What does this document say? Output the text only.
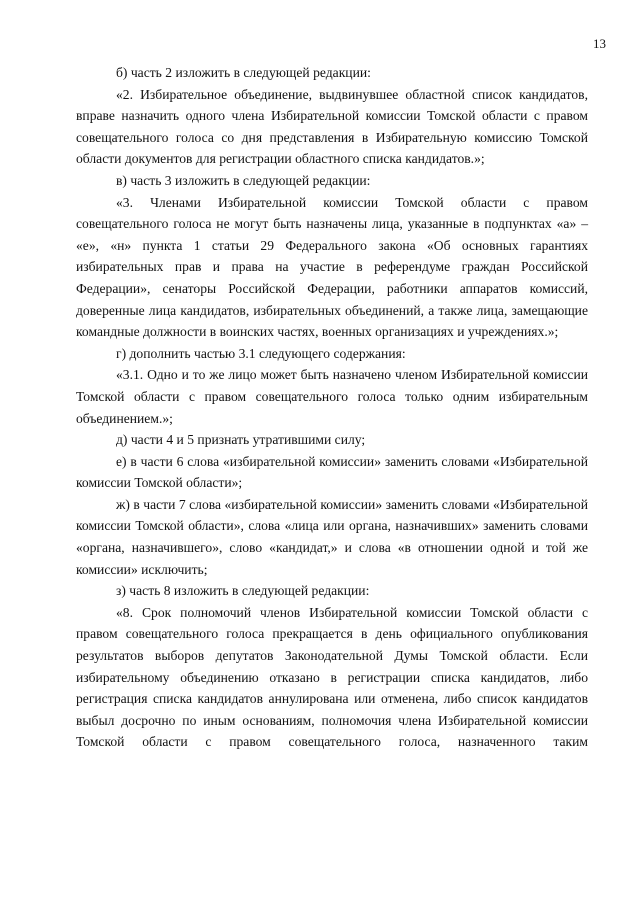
13

б) часть 2 изложить в следующей редакции:

«2. Избирательное объединение, выдвинувшее областной список кандидатов, вправе назначить одного члена Избирательной комиссии Томской области с правом совещательного голоса со дня представления в Избирательную комиссию Томской области документов для регистрации областного списка кандидатов.»;

в) часть 3 изложить в следующей редакции:

«3. Членами Избирательной комиссии Томской области с правом совещательного голоса не могут быть назначены лица, указанные в подпунктах «а» – «е», «н» пункта 1 статьи 29 Федерального закона «Об основных гарантиях избирательных прав и права на участие в референдуме граждан Российской Федерации», сенаторы Российской Федерации, работники аппаратов комиссий, доверенные лица кандидатов, избирательных объединений, а также лица, замещающие командные должности в воинских частях, военных организациях и учреждениях.»;

г) дополнить частью 3.1 следующего содержания:

«3.1. Одно и то же лицо может быть назначено членом Избирательной комиссии Томской области с правом совещательного голоса только одним избирательным объединением.»;

д) части 4 и 5 признать утратившими силу;

е) в части 6 слова «избирательной комиссии» заменить словами «Избирательной комиссии Томской области»;

ж) в части 7 слова «избирательной комиссии» заменить словами «Избирательной комиссии Томской области», слова «лица или органа, назначивших» заменить словами «органа, назначившего», слово «кандидат,» и слова «в отношении одной и той же комиссии» исключить;

з) часть 8 изложить в следующей редакции:

«8. Срок полномочий членов Избирательной комиссии Томской области с правом совещательного голоса прекращается в день официального опубликования результатов выборов депутатов Законодательной Думы Томской области. Если избирательному объединению отказано в регистрации списка кандидатов, либо регистрация списка кандидатов аннулирована или отменена, либо список кандидатов выбыл досрочно по иным основаниям, полномочия члена Избирательной комиссии Томской области с правом совещательного голоса, назначенного таким
